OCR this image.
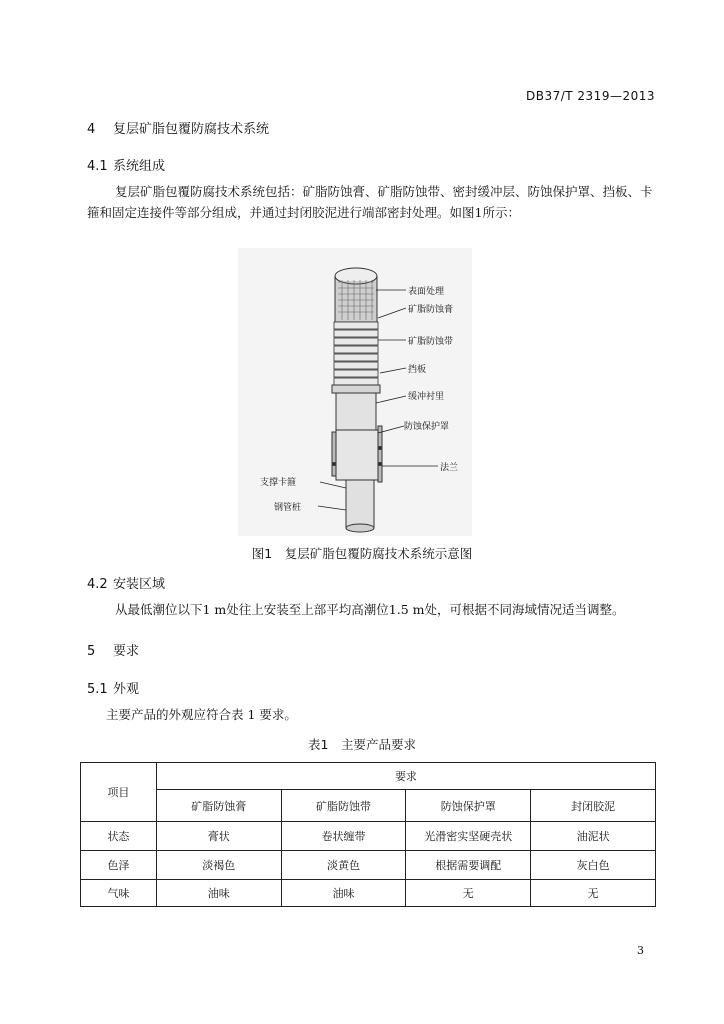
DB37/T 2319—2013
4 复层矿脂包覆防腐技术系统
4.1 系统组成
复层矿脂包覆防腐技术系统包括：矿脂防蚀膏、矿脂防蚀带、密封缓冲层、防蚀保护罩、挡板、卡
箍和固定连接件等部分组成，并通过封闭胶泥进行端部密封处理。如图1所示：
表面处理
矿脂防蚀膏
矿脂防蚀带
挡板
缓冲衬里
防蚀保护罩
法兰
支撑卡箍
钢管桩
图1　复层矿脂包覆防腐技术系统示意图
4.2 安装区域
从最低潮位以下1 m处往上安装至上部平均高潮位1.5 m处，可根据不同海域情况适当调整。
5 要求
5.1 外观
主要产品的外观应符合表 1 要求。
表1　主要产品要求
项目	要求			
	矿脂防蚀膏	矿脂防蚀带	防蚀保护罩	封闭胶泥
状态	膏状	卷状缠带	光滑密实坚硬壳状	油泥状
色泽	淡褐色	淡黄色	根据需要调配	灰白色
气味	油味	油味	无	无
3
